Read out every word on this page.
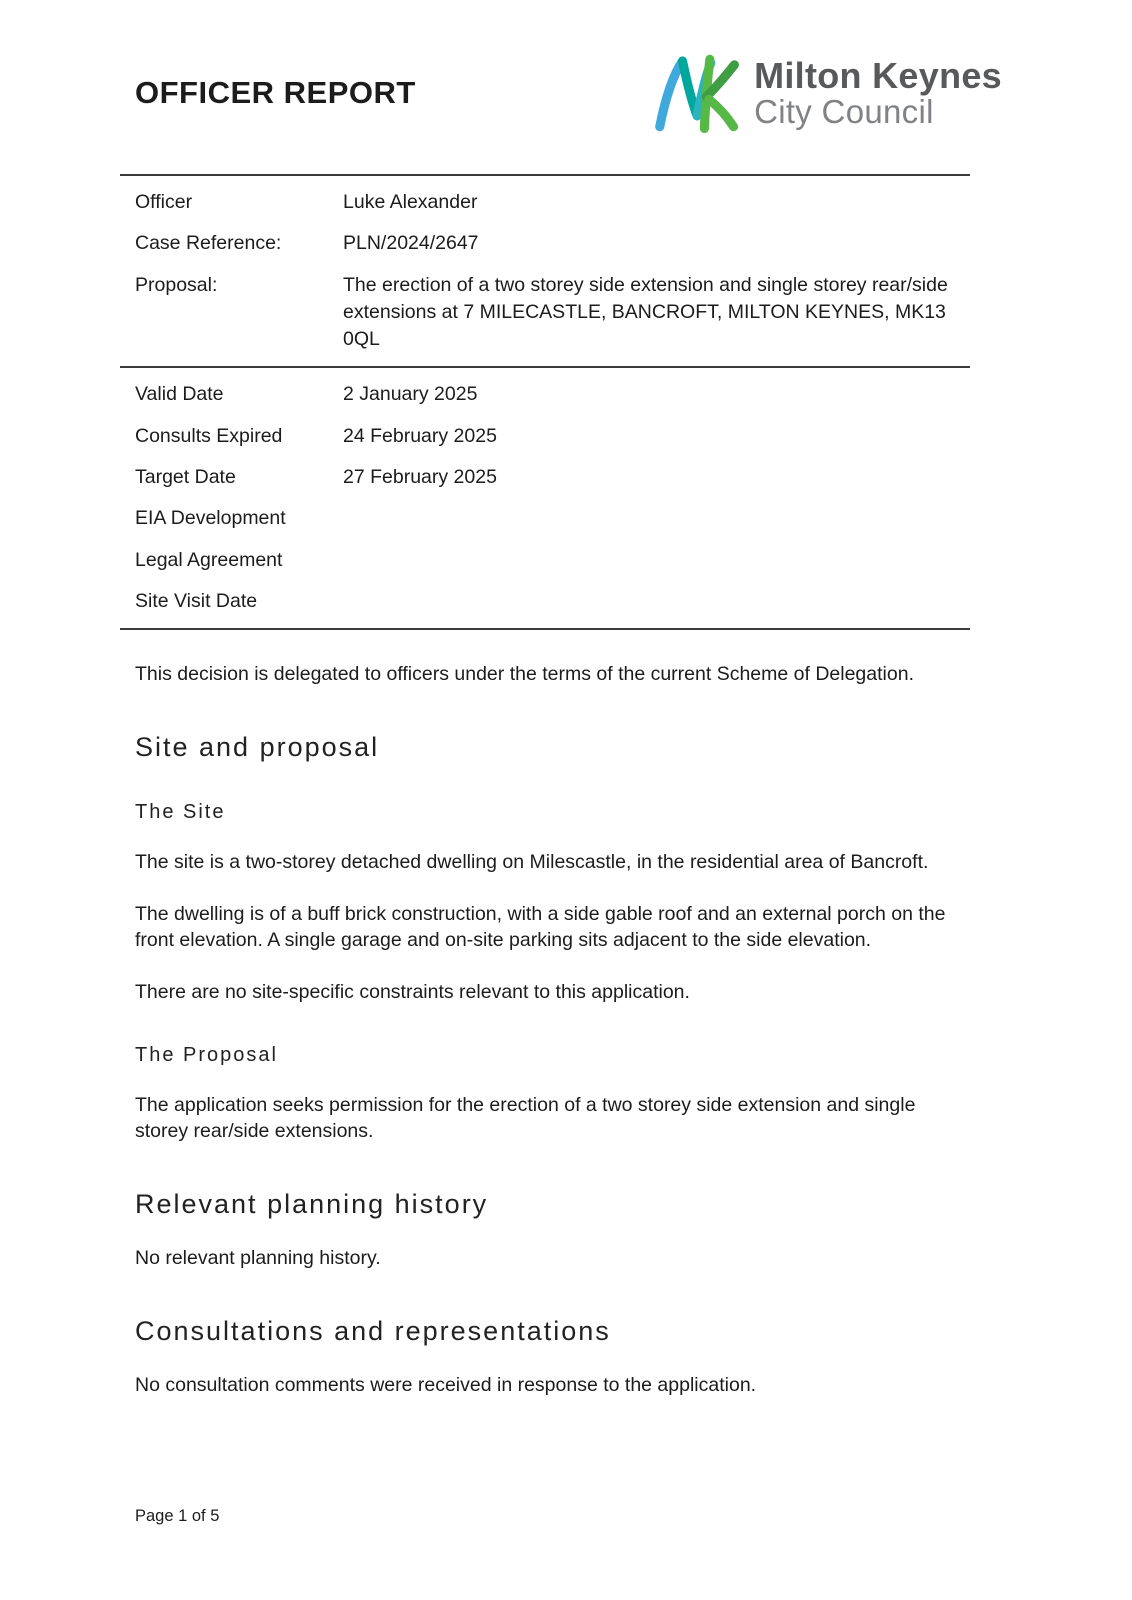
OFFICER REPORT	Milton Keynes
City Council
Officer	Luke Alexander
Case Reference:	PLN/2024/2647
Proposal:	The erection of a two storey side extension and single storey rear/side extensions at 7 MILECASTLE, BANCROFT, MILTON KEYNES, MK13 0QL
Valid Date	2 January 2025
Consults Expired	24 February 2025
Target Date	27 February 2025
EIA Development
Legal Agreement
Site Visit Date

This decision is delegated to officers under the terms of the current Scheme of Delegation.

Site and proposal
The Site

The site is a two-storey detached dwelling on Milescastle, in the residential area of Bancroft.

The dwelling is of a buff brick construction, with a side gable roof and an external porch on the front elevation. A single garage and on-site parking sits adjacent to the side elevation.

There are no site-specific constraints relevant to this application.

The Proposal

The application seeks permission for the erection of a two storey side extension and single storey rear/side extensions.

Relevant planning history

No relevant planning history.

Consultations and representations

No consultation comments were received in response to the application.

Page 1 of 5
